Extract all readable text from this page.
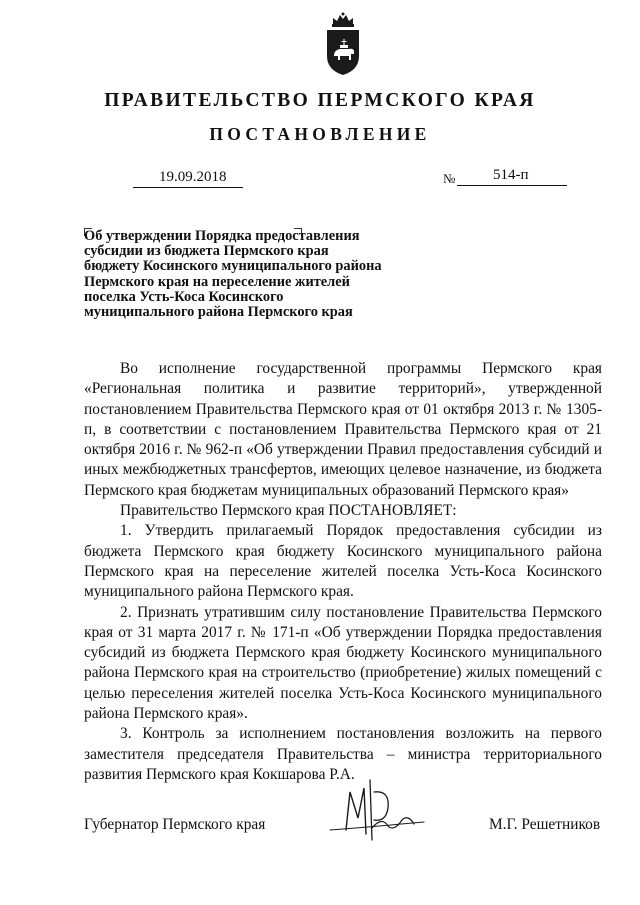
ПРАВИТЕЛЬСТВО ПЕРМСКОГО КРАЯ
ПОСТАНОВЛЕНИЕ
19.09.2018	№	514-п
Об утверждении Порядка предоставления
субсидии из бюджета Пермского края
бюджету Косинского муниципального района
Пермского края на переселение жителей
поселка Усть-Коса Косинского
муниципального района Пермского края

Во исполнение государственной программы Пермского края «Региональная политика и развитие территорий», утвержденной постановлением Правительства Пермского края от 01 октября 2013 г. № 1305-п, в соответствии с постановлением Правительства Пермского края от 21 октября 2016 г. № 962-п «Об утверждении Правил предоставления субсидий и иных межбюджетных трансфертов, имеющих целевое назначение, из бюджета Пермского края бюджетам муниципальных образований Пермского края»

Правительство Пермского края ПОСТАНОВЛЯЕТ:

1. Утвердить прилагаемый Порядок предоставления субсидии из бюджета Пермского края бюджету Косинского муниципального района Пермского края на переселение жителей поселка Усть-Коса Косинского муниципального района Пермского края.

2. Признать утратившим силу постановление Правительства Пермского края от 31 марта 2017 г. № 171-п «Об утверждении Порядка предоставления субсидий из бюджета Пермского края бюджету Косинского муниципального района Пермского края на строительство (приобретение) жилых помещений с целью переселения жителей поселка Усть-Коса Косинского муниципального района Пермского края».

3. Контроль за исполнением постановления возложить на первого заместителя председателя Правительства – министра территориального развития Пермского края Кокшарова Р.А.

Губернатор Пермского края	М.Г. Решетников
